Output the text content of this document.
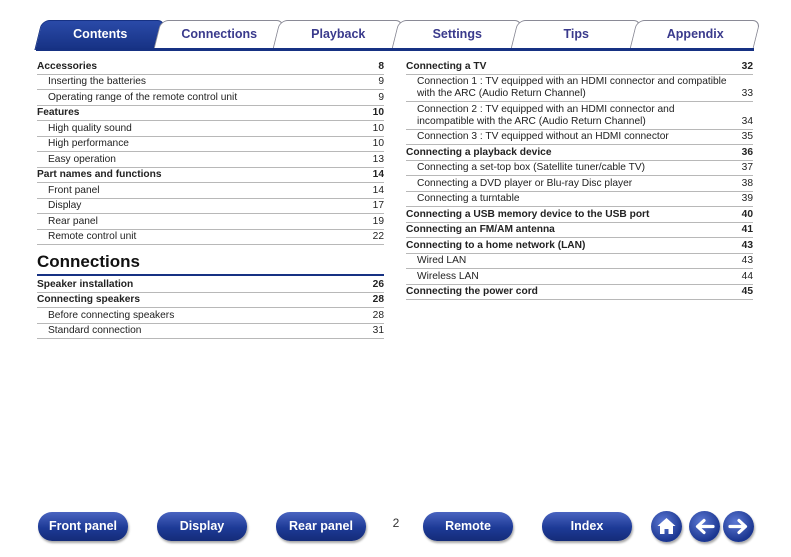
Contents	Connections	Playback	Settings	Tips	Appendix
Accessories	8
Inserting the batteries	9
Operating range of the remote control unit	9
Features	10
High quality sound	10
High performance	10
Easy operation	13
Part names and functions	14
Front panel	14
Display	17
Rear panel	19
Remote control unit	22
Connections
Speaker installation	26
Connecting speakers	28
Before connecting speakers	28
Standard connection	31
Connecting a TV	32
Connection 1 : TV equipped with an HDMI connector and compatible with the ARC (Audio Return Channel)	33
Connection 2 : TV equipped with an HDMI connector and incompatible with the ARC (Audio Return Channel)	34
Connection 3 : TV equipped without an HDMI connector	35
Connecting a playback device	36
Connecting a set-top box (Satellite tuner/cable TV)	37
Connecting a DVD player or Blu-ray Disc player	38
Connecting a turntable	39
Connecting a USB memory device to the USB port	40
Connecting an FM/AM antenna	41
Connecting to a home network (LAN)	43
Wired LAN	43
Wireless LAN	44
Connecting the power cord	45
Front panel	Display	Rear panel	2	Remote	Index
